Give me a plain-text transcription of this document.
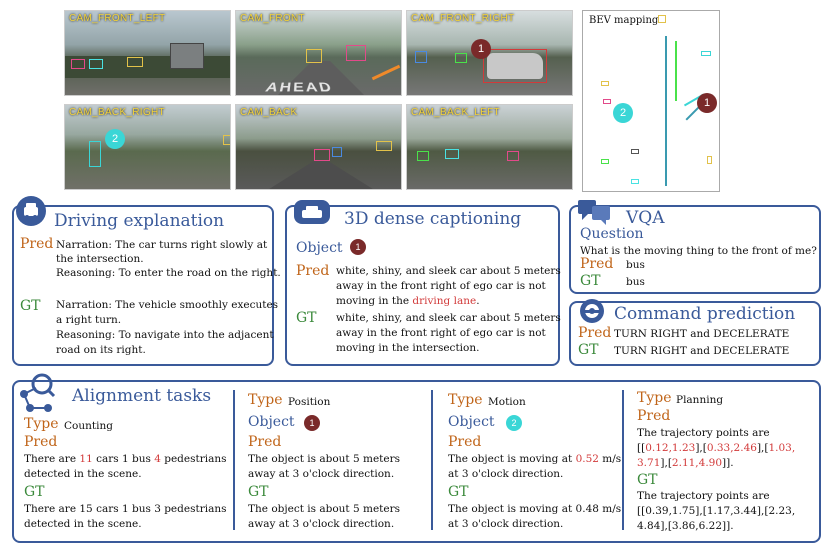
CAM_FRONT_LEFT
AHEAD
CAM_FRONT
1
CAM_FRONT_RIGHT
2
CAM_BACK_RIGHT	CAM_BACK	CAM_BACK_LEFT
BEV mapping
1
2
Driving explanation
Pred Narration: The car turns right slowly at
the intersection.
Reasoning: To enter the road on the right.
GT Narration: The vehicle smoothly executes
a right turn.
Reasoning: To navigate into the adjacent
road on its right.
3D dense captioning
Object	1
Pred white, shiny, and sleek car about 5 meters
away in the front right of ego car is not
moving in the driving lane.
GT white, shiny, and sleek car about 5 meters
away in the front right of ego car is not
moving in the intersection.
VQA
Question
What is the moving thing to the front of me?
Pred bus
GT bus
Command prediction
Pred TURN RIGHT and DECELERATE
GT TURN RIGHT and DECELERATE
Alignment tasks
Type Counting
Pred
There are 11 cars 1 bus 4 pedestrians
detected in the scene.
GT
There are 15 cars 1 bus 3 pedestrians
detected in the scene.
Type Position
Object	1
Pred
The object is about 5 meters
away at 3 o'clock direction.
GT
The object is about 5 meters
away at 3 o'clock direction.
Type Motion
Object	2
Pred
The object is moving at 0.52 m/s
at 3 o'clock direction.
GT
The object is moving at 0.48 m/s
at 3 o'clock direction.
Type Planning
Pred
The trajectory points are
[[0.12,1.23],[0.33,2.46],[1.03,
3.71],[2.11,4.90]].
GT
The trajectory points are
[[0.39,1.75],[1.17,3.44],[2.23,
4.84],[3.86,6.22]].
